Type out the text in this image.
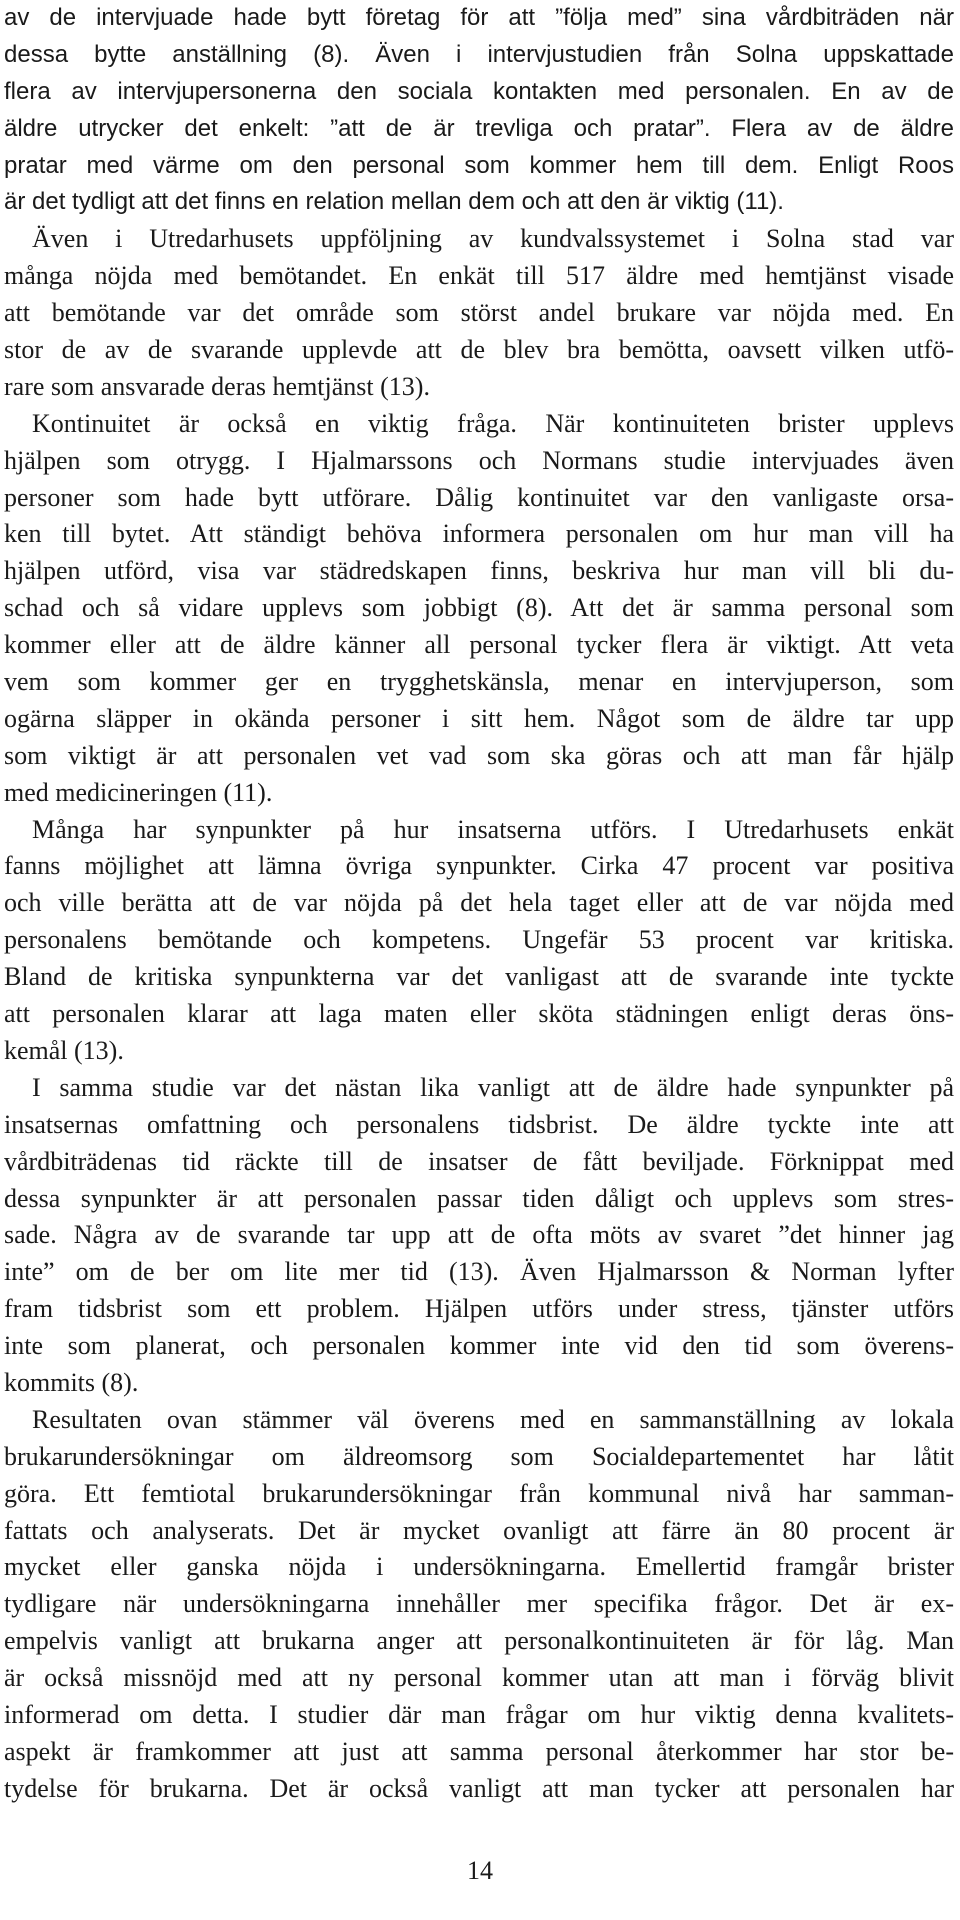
av de intervjuade hade bytt företag för att ”följa med” sina vårdbiträden när
dessa bytte anställning (8). Även i intervjustudien från Solna uppskattade
flera av intervjupersonerna den sociala kontakten med personalen. En av de
äldre utrycker det enkelt: ”att de är trevliga och pratar”. Flera av de äldre
pratar med värme om den personal som kommer hem till dem. Enligt Roos
är det tydligt att det finns en relation mellan dem och att den är viktig (11).
Även i Utredarhusets uppföljning av kundvalssystemet i Solna stad var
många nöjda med bemötandet. En enkät till 517 äldre med hemtjänst visade
att bemötande var det område som störst andel brukare var nöjda med. En
stor de av de svarande upplevde att de blev bra bemötta, oavsett vilken utfö-
rare som ansvarade deras hemtjänst (13).
Kontinuitet är också en viktig fråga. När kontinuiteten brister upplevs
hjälpen som otrygg. I Hjalmarssons och Normans studie intervjuades även
personer som hade bytt utförare. Dålig kontinuitet var den vanligaste orsa-
ken till bytet. Att ständigt behöva informera personalen om hur man vill ha
hjälpen utförd, visa var städredskapen finns, beskriva hur man vill bli du-
schad och så vidare upplevs som jobbigt (8). Att det är samma personal som
kommer eller att de äldre känner all personal tycker flera är viktigt. Att veta
vem som kommer ger en trygghetskänsla, menar en intervjuperson, som
ogärna släpper in okända personer i sitt hem. Något som de äldre tar upp
som viktigt är att personalen vet vad som ska göras och att man får hjälp
med medicineringen (11).
Många har synpunkter på hur insatserna utförs. I Utredarhusets enkät
fanns möjlighet att lämna övriga synpunkter. Cirka 47 procent var positiva
och ville berätta att de var nöjda på det hela taget eller att de var nöjda med
personalens bemötande och kompetens. Ungefär 53 procent var kritiska.
Bland de kritiska synpunkterna var det vanligast att de svarande inte tyckte
att personalen klarar att laga maten eller sköta städningen enligt deras öns-
kemål (13).
I samma studie var det nästan lika vanligt att de äldre hade synpunkter på
insatsernas omfattning och personalens tidsbrist. De äldre tyckte inte att
vårdbiträdenas tid räckte till de insatser de fått beviljade. Förknippat med
dessa synpunkter är att personalen passar tiden dåligt och upplevs som stres-
sade. Några av de svarande tar upp att de ofta möts av svaret ”det hinner jag
inte” om de ber om lite mer tid (13). Även Hjalmarsson & Norman lyfter
fram tidsbrist som ett problem. Hjälpen utförs under stress, tjänster utförs
inte som planerat, och personalen kommer inte vid den tid som överens-
kommits (8).
Resultaten ovan stämmer väl överens med en sammanställning av lokala
brukarundersökningar om äldreomsorg som Socialdepartementet har låtit
göra. Ett femtiotal brukarundersökningar från kommunal nivå har samman-
fattats och analyserats. Det är mycket ovanligt att färre än 80 procent är
mycket eller ganska nöjda i undersökningarna. Emellertid framgår brister
tydligare när undersökningarna innehåller mer specifika frågor. Det är ex-
empelvis vanligt att brukarna anger att personalkontinuiteten är för låg. Man
är också missnöjd med att ny personal kommer utan att man i förväg blivit
informerad om detta. I studier där man frågar om hur viktig denna kvalitets-
aspekt är framkommer att just att samma personal återkommer har stor be-
tydelse för brukarna. Det är också vanligt att man tycker att personalen har
14
